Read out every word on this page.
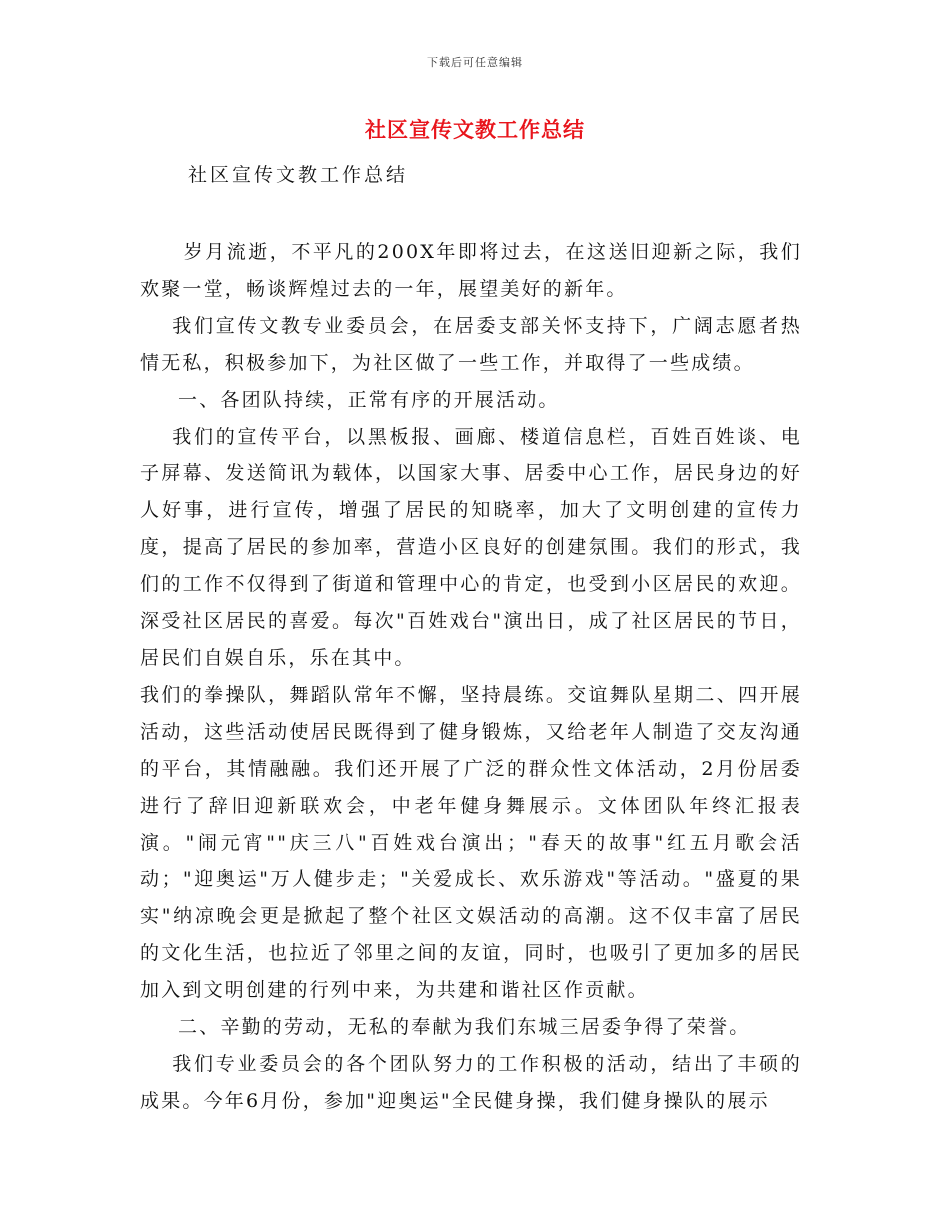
下载后可任意编辑
社区宣传文教工作总结
社区宣传文教工作总结

岁月流逝，不平凡的200X年即将过去，在这送旧迎新之际，我们欢聚一堂，畅谈辉煌过去的一年，展望美好的新年。

我们宣传文教专业委员会，在居委支部关怀支持下，广阔志愿者热情无私，积极参加下，为社区做了一些工作，并取得了一些成绩。

一、各团队持续，正常有序的开展活动。

我们的宣传平台，以黑板报、画廊、楼道信息栏，百姓百姓谈、电子屏幕、发送简讯为载体，以国家大事、居委中心工作，居民身边的好人好事，进行宣传，增强了居民的知晓率，加大了文明创建的宣传力度，提高了居民的参加率，营造小区良好的创建氛围。我们的形式，我们的工作不仅得到了街道和管理中心的肯定，也受到小区居民的欢迎。深受社区居民的喜爱。每次"百姓戏台"演出日，成了社区居民的节日，居民们自娱自乐，乐在其中。

我们的拳操队，舞蹈队常年不懈，坚持晨练。交谊舞队星期二、四开展活动，这些活动使居民既得到了健身锻炼，又给老年人制造了交友沟通的平台，其情融融。我们还开展了广泛的群众性文体活动，2月份居委进行了辞旧迎新联欢会，中老年健身舞展示。文体团队年终汇报表演。"闹元宵""庆三八"百姓戏台演出；"春天的故事"红五月歌会活动；"迎奥运"万人健步走；"关爱成长、欢乐游戏"等活动。"盛夏的果实"纳凉晚会更是掀起了整个社区文娱活动的高潮。这不仅丰富了居民的文化生活，也拉近了邻里之间的友谊，同时，也吸引了更加多的居民加入到文明创建的行列中来，为共建和谐社区作贡献。

二、辛勤的劳动，无私的奉献为我们东城三居委争得了荣誉。

我们专业委员会的各个团队努力的工作积极的活动，结出了丰硕的成果。今年6月份，参加"迎奥运"全民健身操，我们健身操队的展示
